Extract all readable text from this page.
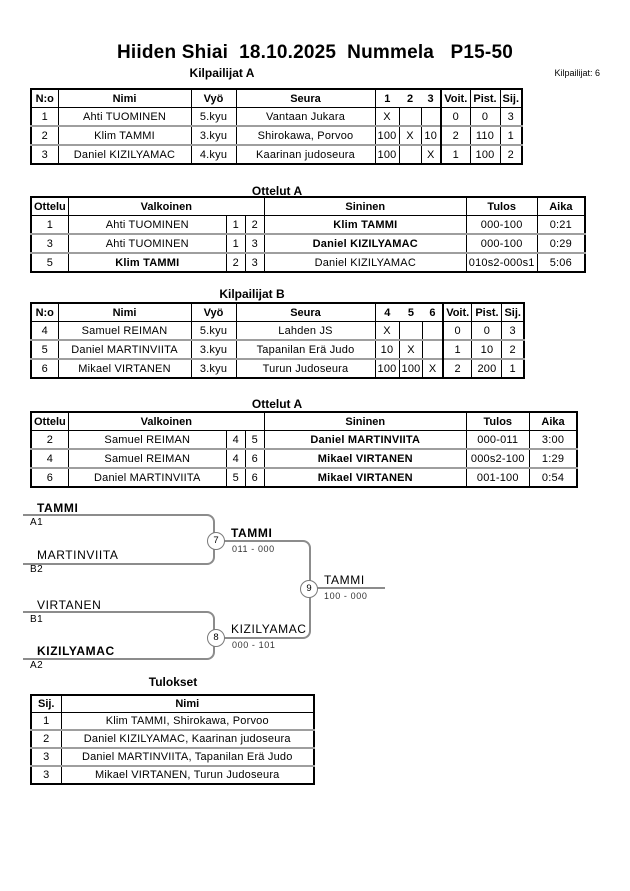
Hiiden Shiai  18.10.2025  Nummela   P15-50
Kilpailijat A	Kilpailijat: 6
N:o	Nimi	Vyö	Seura	1	2	3	Voit.	Pist.	Sij.
1	Ahti TUOMINEN	5.kyu	Vantaan Jukara	X			0	0	3
2	Klim TAMMI	3.kyu	Shirokawa, Porvoo	100	X	10	2	110	1
3	Daniel KIZILYAMAC	4.kyu	Kaarinan judoseura	100		X	1	100	2
Ottelut A
Ottelu	Valkoinen			Sininen	Tulos	Aika
1	Ahti TUOMINEN	1	2	Klim TAMMI	000-100	0:21
3	Ahti TUOMINEN	1	3	Daniel KIZILYAMAC	000-100	0:29
5	Klim TAMMI	2	3	Daniel KIZILYAMAC	010s2-000s1	5:06
Kilpailijat B
N:o	Nimi	Vyö	Seura	4	5	6	Voit.	Pist.	Sij.
4	Samuel REIMAN	5.kyu	Lahden JS	X			0	0	3
5	Daniel MARTINVIITA	3.kyu	Tapanilan Erä Judo	10	X		1	10	2
6	Mikael VIRTANEN	3.kyu	Turun Judoseura	100	100	X	2	200	1
Ottelut A
Ottelu	Valkoinen			Sininen	Tulos	Aika
2	Samuel REIMAN	4	5	Daniel MARTINVIITA	000-011	3:00
4	Samuel REIMAN	4	6	Mikael VIRTANEN	000s2-100	1:29
6	Daniel MARTINVIITA	5	6	Mikael VIRTANEN	001-100	0:54
7
8
9
TAMMI
A1
MARTINVIITA
B2
TAMMI
011 - 000
VIRTANEN
B1
KIZILYAMAC
A2
KIZILYAMAC
000 - 101
TAMMI
100 - 000
Tulokset
Sij.	Nimi
1	Klim TAMMI, Shirokawa, Porvoo
2	Daniel KIZILYAMAC, Kaarinan judoseura
3	Daniel MARTINVIITA, Tapanilan Erä Judo
3	Mikael VIRTANEN, Turun Judoseura
